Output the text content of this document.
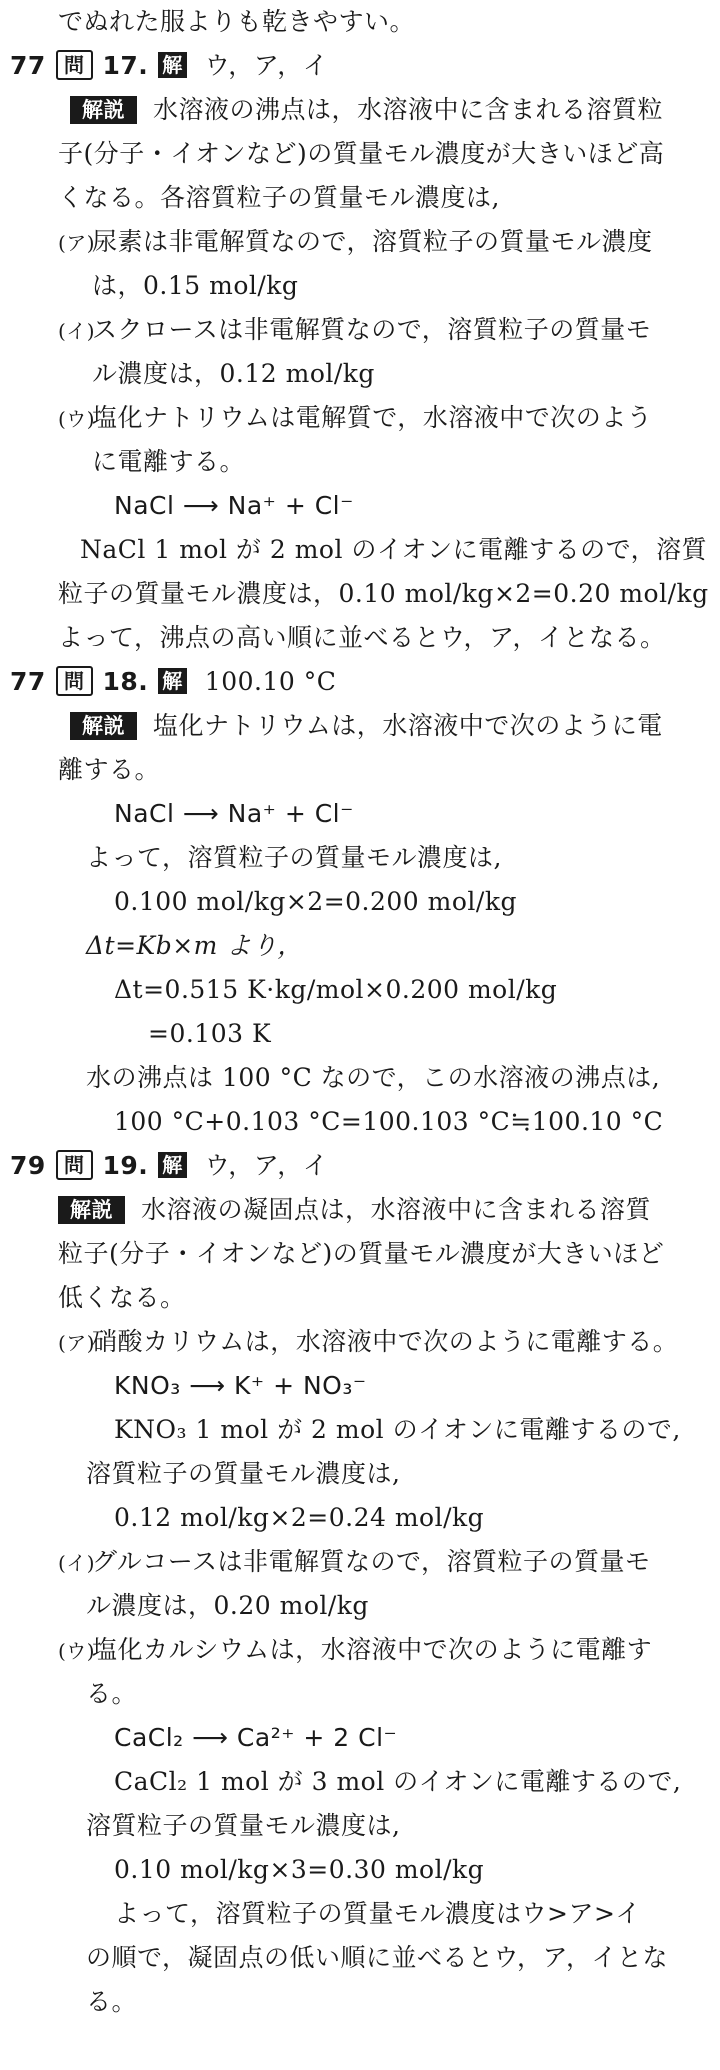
でぬれた服よりも乾きやすい。
77 問 17. 解 ウ，ア，イ
解説 水溶液の沸点は，水溶液中に含まれる溶質粒
子(分子・イオンなど)の質量モル濃度が大きいほど高
くなる。各溶質粒子の質量モル濃度は,
(ア)尿素は非電解質なので，溶質粒子の質量モル濃度
は，0.15 mol/kg
(イ)スクロースは非電解質なので，溶質粒子の質量モ
ル濃度は，0.12 mol/kg
(ウ)塩化ナトリウムは電解質で，水溶液中で次のよう
に電離する。
NaCl ⟶ Na⁺ + Cl⁻
NaCl 1 mol が 2 mol のイオンに電離するので，溶質
粒子の質量モル濃度は，0.10 mol/kg×2=0.20 mol/kg
よって，沸点の高い順に並べるとウ，ア，イとなる。
77 問 18. 解 100.10 °C
解説 塩化ナトリウムは，水溶液中で次のように電
離する。
NaCl ⟶ Na⁺ + Cl⁻
よって，溶質粒子の質量モル濃度は,
0.100 mol/kg×2=0.200 mol/kg
Δt=Kb×m より，
Δt=0.515 K·kg/mol×0.200 mol/kg
=0.103 K
水の沸点は 100 °C なので，この水溶液の沸点は,
100 °C+0.103 °C=100.103 °C≒100.10 °C
79 問 19. 解 ウ，ア，イ
解説 水溶液の凝固点は，水溶液中に含まれる溶質
粒子(分子・イオンなど)の質量モル濃度が大きいほど
低くなる。
(ア)硝酸カリウムは，水溶液中で次のように電離する。
KNO₃ ⟶ K⁺ + NO₃⁻
KNO₃ 1 mol が 2 mol のイオンに電離するので,
溶質粒子の質量モル濃度は,
0.12 mol/kg×2=0.24 mol/kg
(イ)グルコースは非電解質なので，溶質粒子の質量モ
ル濃度は，0.20 mol/kg
(ウ)塩化カルシウムは，水溶液中で次のように電離す
る。
CaCl₂ ⟶ Ca²⁺ + 2 Cl⁻
CaCl₂ 1 mol が 3 mol のイオンに電離するので,
溶質粒子の質量モル濃度は,
0.10 mol/kg×3=0.30 mol/kg
よって，溶質粒子の質量モル濃度はウ>ア>イ
の順で，凝固点の低い順に並べるとウ，ア，イとな
る。
